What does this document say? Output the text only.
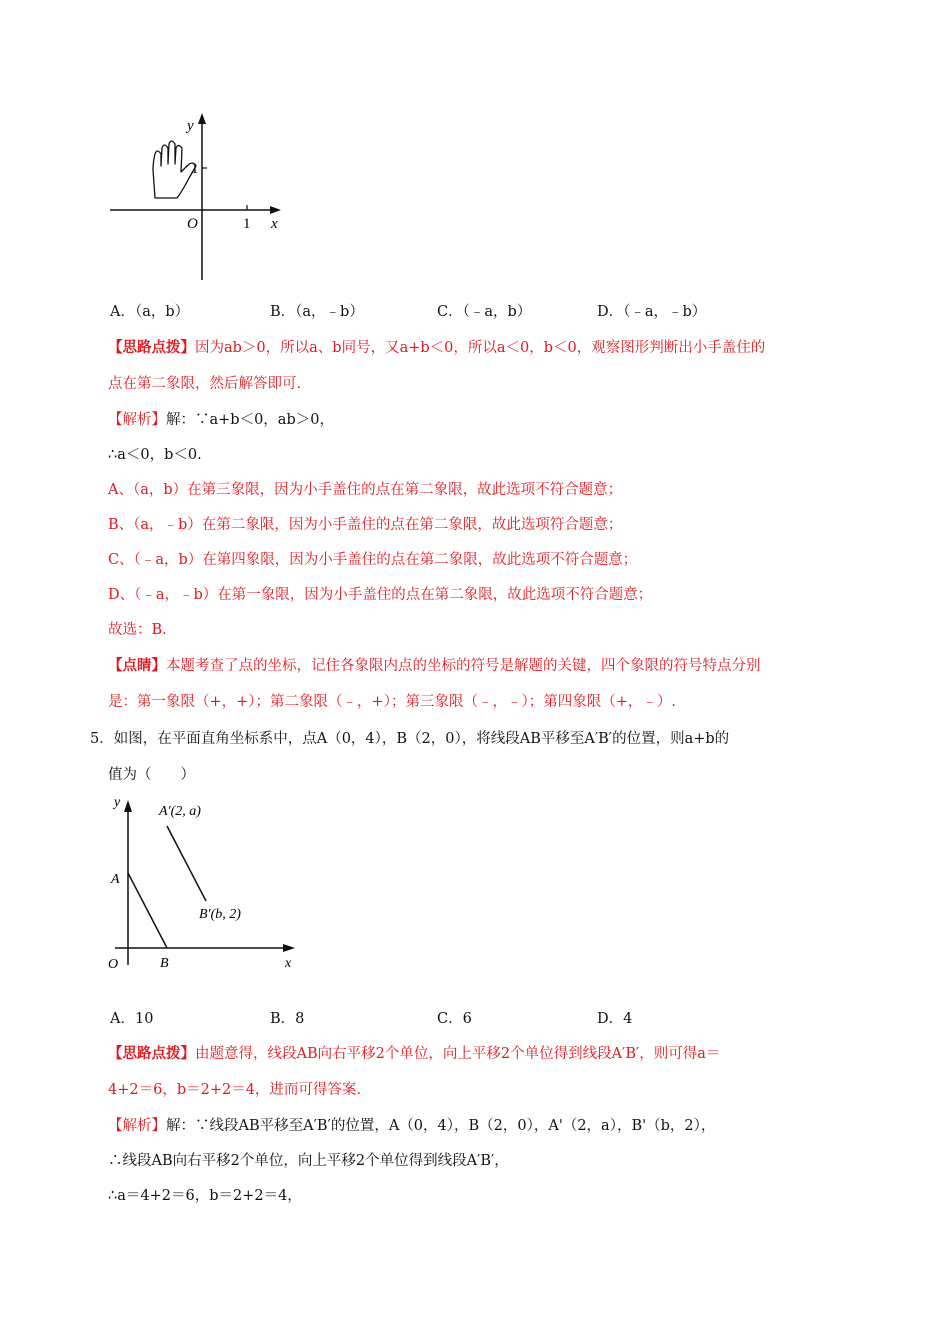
y
x
O	1
1
A．（a，b）	B．（a，﹣b）	C．（﹣a，b）	D．（﹣a，﹣b）
【思路点拨】因为ab＞0，所以a、b同号，又a+b＜0，所以a＜0，b＜0，观察图形判断出小手盖住的
点在第二象限，然后解答即可.
【解析】解：∵a+b＜0，ab＞0，
∴a＜0，b＜0.
A、（a，b）在第三象限，因为小手盖住的点在第二象限，故此选项不符合题意；
B、（a，﹣b）在第二象限，因为小手盖住的点在第二象限，故此选项符合题意；
C、（﹣a，b）在第四象限，因为小手盖住的点在第二象限，故此选项不符合题意；
D、（﹣a，﹣b）在第一象限，因为小手盖住的点在第二象限，故此选项不符合题意；
故选：B.
【点睛】本题考查了点的坐标，记住各象限内点的坐标的符号是解题的关键，四个象限的符号特点分别
是：第一象限（+，+）；第二象限（﹣，+）；第三象限（﹣，﹣）；第四象限（+，﹣）.
5．如图，在平面直角坐标系中，点A（0，4），B（2，0），将线段AB平移至A′B′的位置，则a+b的
值为（　　）
y
x
O
A
B
A′(2, a)
B′(b, 2)
A．10	B．8	C．6	D．4
【思路点拨】由题意得，线段AB向右平移2个单位，向上平移2个单位得到线段A′B′，则可得a＝
4+2＝6，b＝2+2＝4，进而可得答案.
【解析】解：∵线段AB平移至A′B′的位置，A（0，4），B（2，0），A'（2，a），B'（b，2），
∴线段AB向右平移2个单位，向上平移2个单位得到线段A′B′，
∴a＝4+2＝6，b＝2+2＝4，
